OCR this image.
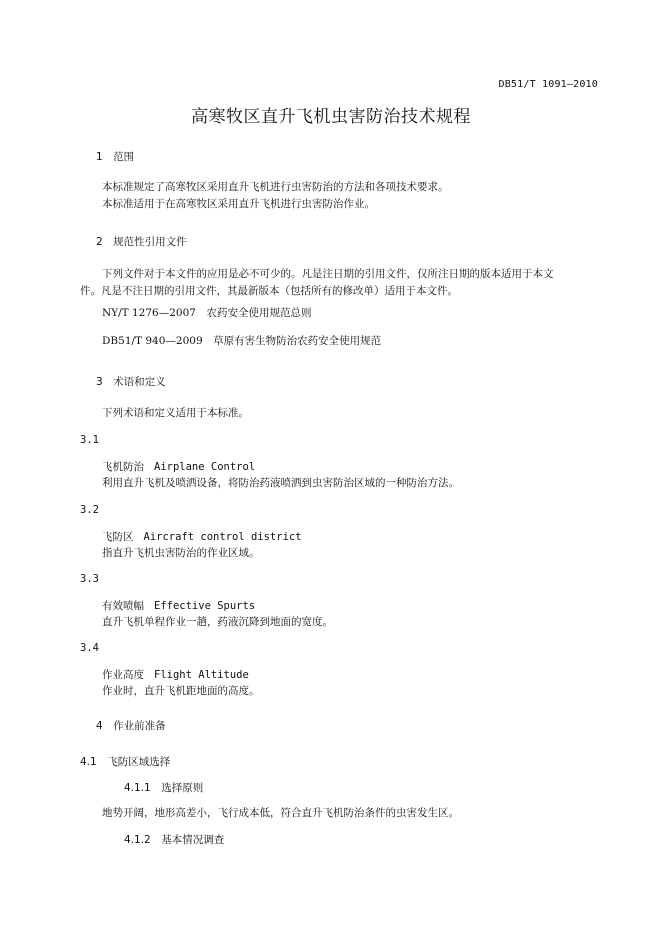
DB51/T 1091—2010
高寒牧区直升飞机虫害防治技术规程
1　范围
本标准规定了高寒牧区采用直升飞机进行虫害防治的方法和各项技术要求。
本标准适用于在高寒牧区采用直升飞机进行虫害防治作业。
2　规范性引用文件
下列文件对于本文件的应用是必不可少的。凡是注日期的引用文件，仅所注日期的版本适用于本文
件。凡是不注日期的引用文件，其最新版本（包括所有的修改单）适用于本文件。
NY/T 1276—2007　农药安全使用规范总则
DB51/T 940—2009　草原有害生物防治农药安全使用规范
3　术语和定义
下列术语和定义适用于本标准。
3.1
飞机防治 Airplane Control
利用直升飞机及喷洒设备，将防治药液喷洒到虫害防治区域的一种防治方法。
3.2
飞防区 Aircraft control district
指直升飞机虫害防治的作业区域。
3.3
有效喷幅 Effective Spurts
直升飞机单程作业一趟，药液沉降到地面的宽度。
3.4
作业高度 Flight Altitude
作业时，直升飞机距地面的高度。
4　作业前准备
4.1　飞防区域选择
4.1.1　选择原则
地势开阔，地形高差小，飞行成本低，符合直升飞机防治条件的虫害发生区。
4.1.2　基本情况调查
